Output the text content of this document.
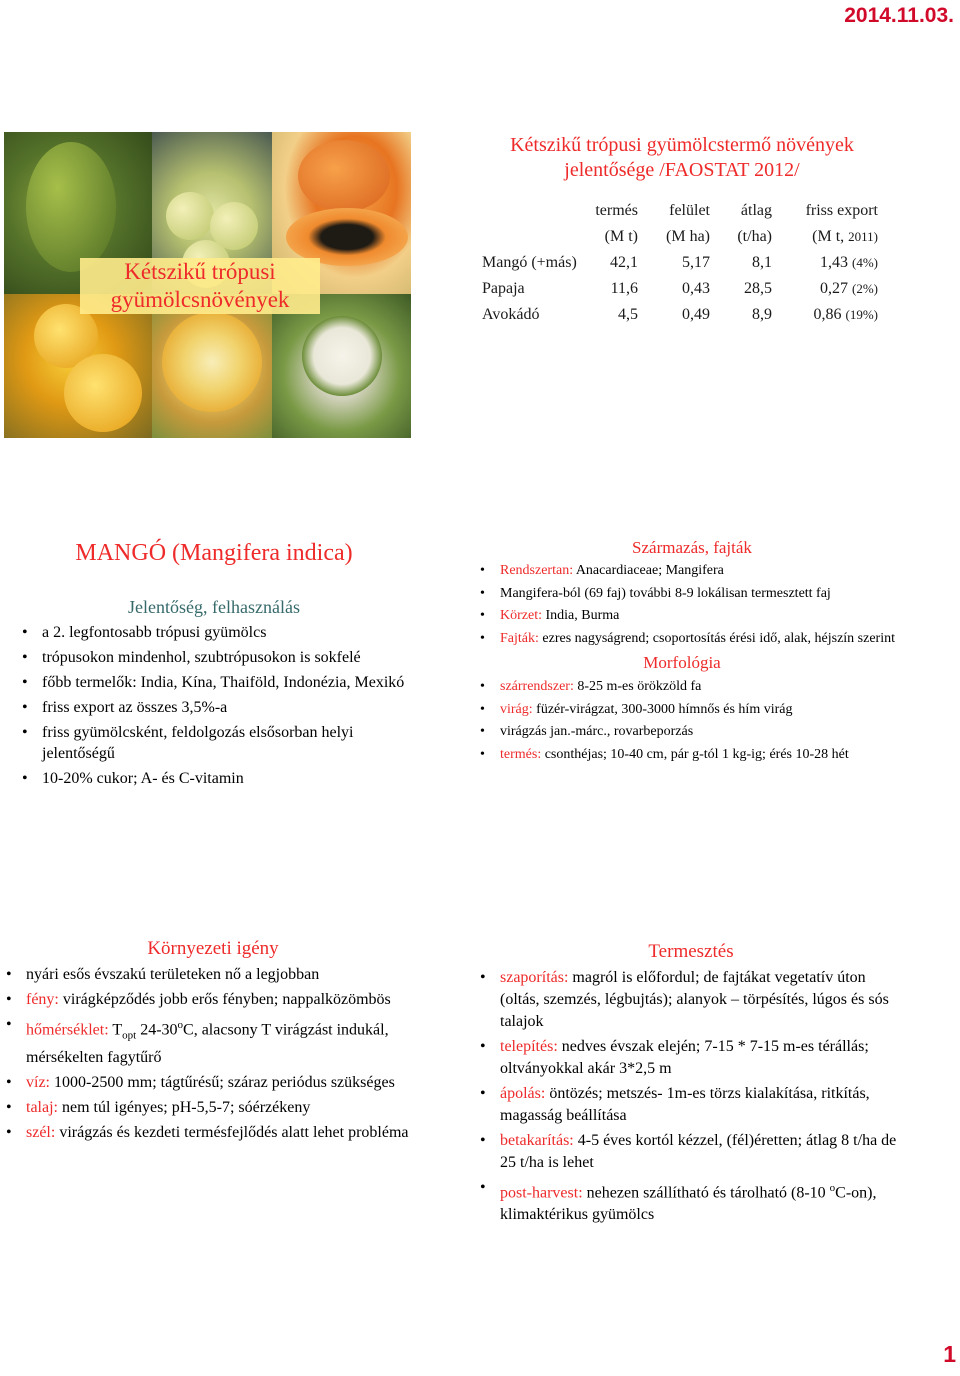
2014.11.03.
Kétszikű trópusi gyümölcsnövények
Kétszikű trópusi gyümölcstermő növények jelentősége /FAOSTAT 2012/
	termés	felület	átlag	friss export
	(M t)	(M ha)	(t/ha)	(M t, 2011)
Mangó (+más)	42,1	5,17	8,1	1,43 (4%)
Papaja	11,6	0,43	28,5	0,27 (2%)
Avokádó	4,5	0,49	8,9	0,86 (19%)
MANGÓ (Mangifera indica)
Jelentőség, felhasználás
• a 2. legfontosabb trópusi gyümölcs
• trópusokon mindenhol, szubtrópusokon is sokfelé
• főbb termelők: India, Kína, Thaiföld, Indonézia, Mexikó
• friss export az összes 3,5%-a
• friss gyümölcsként, feldolgozás elsősorban helyi jelentőségű
• 10-20% cukor; A- és C-vitamin
Származás, fajták
• Rendszertan: Anacardiaceae; Mangifera
• Mangifera-ból (69 faj) további 8-9 lokálisan termesztett faj
• Körzet: India, Burma
• Fajták: ezres nagyságrend; csoportosítás érési idő, alak, héjszín szerint
Morfológia
• szárrendszer: 8-25 m-es örökzöld fa
• virág: füzér-virágzat, 300-3000 hímnős és hím virág
• virágzás jan.-márc., rovarbeporzás
• termés: csonthéjas; 10-40 cm, pár g-tól 1 kg-ig; érés 10-28 hét
Környezeti igény
• nyári esős évszakú területeken nő a legjobban
• fény: virágképződés jobb erős fényben; nappalközömbös
• hőmérséklet: $T_{opt}$ 24-30$^o$C, alacsony T virágzást indukál, mérsékelten fagytűrő
• víz: 1000-2500 mm; tágtűrésű; száraz periódus szükséges
• talaj: nem túl igényes; pH-5,5-7; sóérzékeny
• szél: virágzás és kezdeti termésfejlődés alatt lehet probléma
Termesztés
• szaporítás: magról is előfordul; de fajtákat vegetatív úton (oltás, szemzés, légbujtás); alanyok – törpésítés, lúgos és sós talajok
• telepítés: nedves évszak elején; 7-15 * 7-15 m-es térállás; oltványokkal akár 3*2,5 m
• ápolás: öntözés; metszés- 1m-es törzs kialakítása, ritkítás, magasság beállítása
• betakarítás: 4-5 éves kortól kézzel, (fél)éretten; átlag 8 t/ha de 25 t/ha is lehet
• post-harvest: nehezen szállítható és tárolható (8-10 $^o$C-on), klimaktérikus gyümölcs
1
